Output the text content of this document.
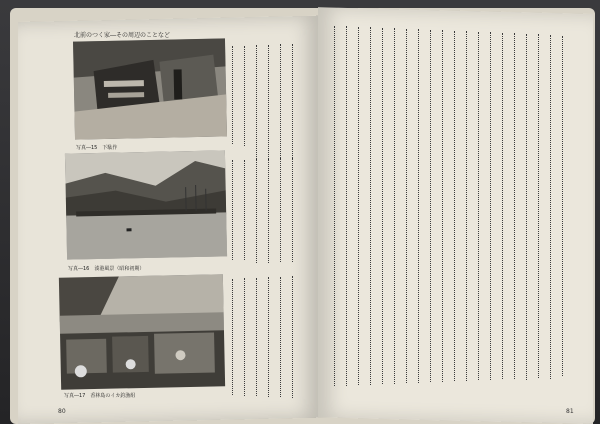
北前のつく家―その周辺のことなど
写真―15　下駄作
写真―16　湊港風景（昭和初期）
写真―17　香林島のイカ釣漁組
80	81
